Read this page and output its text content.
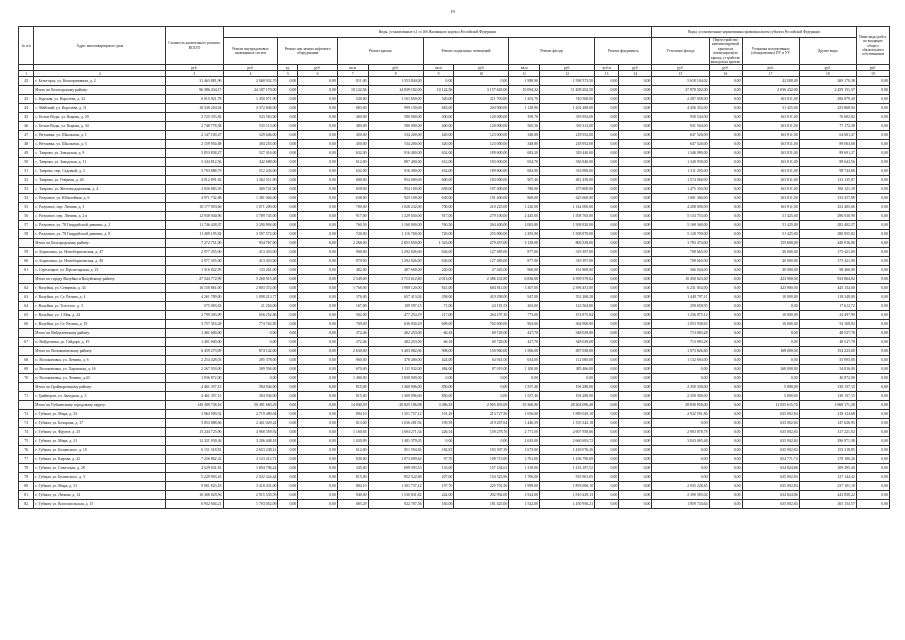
19
№ п/п	Адрес многоквартирного дома	Стоимость капитального ремонта, ВСЕГО	Виды, установленные ч.1 ст.166 Жилищного кодекса Российской Федерации											Виды, установленные нормативным правовым актом субъекта Российской Федерации				Иные виды работ, не входящие общего обязательного собственников
			Ремонт внутридомовых инженерных систем	Ремонт или замена лифтового оборудования		Ремонт крыши		Ремонт подвальных помещений		Ремонт фасада		Ремонт фундамента		Утепление фасада	Переустройство невентилируемой крыши на вентилируемую крышу, устройство выходов на кровлю	Установка коллективных (общедомовых) ПУ и УУ	Другие виды	
		руб.	руб.	ед.	руб.	кв.м	руб.	кв.м	руб.	кв.м	руб.	куб.м	руб.	руб.	руб.	руб.	руб.	руб.
1	2	3	4	5	6	7	8	9	10	11	12	13	14	15	16	17	18	19
42	г. Белогорск, ул. Кооперативная, д. 2	31 463 881,96	2 068 032,70	0,00	0,00	811,00	1 553 844,00	0,00	0,00	1 988,90	1 598 573,50	0,00	0,00	5 618 104,02	0,00	42 008,00	269 170,38	0,00
	Итого по Белогорскому району:	96 386 434,17	24 187 170,00	0,00	0,00	10 122,56	14 839 182,00	10 122,56	3 157 645,00	10 094,32	11 408 202,50	0,00	0,00	37 878 502,00	0,00	2 036 432,00	2 459 151,57	0,00
43	с. Курская, ул. Королёва, д. 32	6 015 921,78	1 450 071,90	0,00	0,00	520,00	1 161 650,00	520,00	211 700,00	1 203,70	740 560,00	0,00	0,00	2 287 058,00	0,00	163 811,00	286 879,30	0,00
44	с. Майский, ул. Королёва, д. 11	10 546 204,94	3 372 846,00	0,00	0,00	683,00	999 150,00	683,00	204 900,00	1 128,90	1 202 488,00	0,00	0,00	4 456 352,00	0,00	51 425,00	255 868,94	0,00
45	с. Белые Воды, ул. Кирова, д. 29	2 725 353,82	523 563,00	0,00	0,00	400,00	580 000,00	400,00	120 000,00	399,76	319 952,00	0,00	0,00	930 544,00	0,00	163 811,00	76 683,82	0,00
46	с. Белые Воды, ул. Кирова, д. 34	2 748 778,38	535 115,00	0,00	0,00	400,00	580 000,00	400,00	120 000,00	565,56	339 312,00	0,00	0,00	931 564,00	0,00	163 811,00	77 172,38	0,00
47	с. Ветлянка, ул. Школьная, д. 1	2 147 100,47	329 646,00	0,00	0,00	450,00	534 200,00	420,00	123 000,00	348,80	218 952,00	0,00	0,00	647 520,00	0,00	163 811,00	64 681,47	0,00
48	с. Ветлянка, ул. Школьная, д. 3	2 159 954,68	384 253,00	0,00	0,00	450,00	534 200,00	420,00	123 000,00	348,80	218 952,00	0,00	0,00	647 520,00	0,00	163 811,00	89 063,68	0,00
49	с. Таврово, ул. Заводская, д. 9	3 853 838,27	527 416,00	0,00	0,00	632,00	916 400,00	632,00	189 600,00	683,20	329 440,00	0,00	0,00	1 346 080,00	0,00	163 811,00	89 691,27	0,00
50	с. Таврово, ул. Заводская, д. 11	3 344 812,56	442 688,00	0,00	0,00	612,00	887 400,00	612,00	183 600,00	654,70	336 940,00	0,00	0,00	1 340 930,00	0,00	163 811,00	89 642,56	0,00
51	с. Таврово, пер. Садовый, д. 2	3 703 888,78	512 243,00	0,00	0,00	632,00	916 400,00	632,00	189 600,00	684,90	316 900,00	0,00	0,00	1 311 205,00	0,00	163 811,00	98 744,86	0,00
52	с. Таврово, ул. Озёрная, д. 26	4 912 891,82	1 362 511,90	0,00	0,00	600,00	854 000,00	600,00	183 000,00	907,40	481 450,00	0,00	0,00	1 574 060,00	0,00	163 811,00	133 135,87	0,00
53	с. Таврово, ул. Железнодорожная, д. 4	3 836 883,39	469 741,00	0,00	0,00	658,00	954 100,00	658,00	197 400,00	780,00	475 800,00	0,00	0,00	1 475 350,00	0,00	163 811,00	100 121,39	0,00
54	с. Разумное, ул. Юбилейная, д. 6	4 971 732,88	1 381 004,00	0,00	0,00	638,00	925 100,00	638,00	191 400,00	869,00	625 600,00	0,00	0,00	1 681 360,00	0,00	163 811,00	133 357,88	0,00
55	с. Разумное, пер. Ленина, д. 3	10 177 903,66	1 071 200,00	0,00	0,00	700,00	1 026 232,00	700,00	210 225,00	1 220,00	1 144 000,00	0,00	0,00	4 208 000,00	0,00	163 811,00	252 405,66	0,00
56	с. Разумное, пер. Ленина, д. 2 в	12 938 940,96	3 789 745,00	0,00	0,00	917,00	1 329 650,00	917,00	279 100,00	2 445,00	1 508 765,00	0,00	0,00	5 133 753,00	0,00	51 425,00	296 030,99	0,00
57	с. Разумное, ул. 78 Гвардейской дивизии, д. 2	11 746 428,37	3 290 894,00	0,00	0,00	760,50	1 160 000,00	760,50	264 400,00	2 065,80	1 508 820,00	0,00	0,00	5 168 360,00	0,00	51 425,00	282 402,37	0,00
58	с. Разумное, ул. 78 Гвардейской дивизии, д. 8	11 409 195,82	3 597 572,00	0,00	0,00	720,00	1 116 700,00	720,00	255 800,00	2 293,90	1 508 870,00	0,00	0,00	5 128 700,00	0,00	51 425,00	280 055,82	0,00
	Итого по Белгородскому району:	7 272 751,00	954 767,00	0,00	0,00	2 268,00	2 851 650,00	1 523,00	279 457,00	3 129,00	806 539,00	0,00	0,00	1 783 374,00	0,00	155 600,00	449 916,00	0,00
59	п. Борисовка, ул. Новоборисовская, д. 47	2 977 455,00	413 453,00	0,00	0,00	900,00	1 292 026,00	636,00	127 485,00	877,00	319 397,00	0,00	0,00	708 665,00	0,00	40 000,00	175 421,00	0,00
60	п. Борисовка, ул. Новоборисовская, д. 49	2 977 455,00	413 453,00	0,00	0,00	979,00	1 292 026,00	636,00	127 485,00	877,00	319 397,00	0,00	0,00	708 665,00	0,00	40 000,00	175 421,00	0,00
61	с. Стрелецкое, ул. Пролетарская, д. 23	1 316 822,95	133 261,00	0,00	0,00	482,00	497 600,00	240,00	27 445,00	960,00	161 800,00	0,00	0,00	366 044,00	0,00	40 000,00	98 466,00	0,00
	Итого по городу Валуйки и Валуйскому району:	27 544 772,99	5 260 915,48	0,00	0,00	2 549,00	3 713 612,80	2 013,00	2 386 231,80	6 836,00	4 399 579,62	0,00	0,00	10 450 623,40	0,00	423 900,00	933 864,82	0,00
62	г. Валуйки, ул. Северная, д. 34	16 150 861,00	2 803 372,00	0,00	0,00	1 768,00	1 989 120,00	841,00	684 811,00	3 307,00	2 396 451,00	0,00	0,00	6 231 054,00	0,00	423 900,00	445 154,00	0,00
63	г. Валуйки, ул. Ст. Разина, д. 4	4 261 789,00	1 008 213,77	0,00	0,00	376,00	657 413,04	358,00	419 298,00	947,00	551 268,28	0,00	0,00	1 449 797,11	0,00	10 000,00	118 248,00	0,00
64	г. Валуйки, ул. Толстого, д. 3	575 003,63	21 254,00	0,00	0,00	167,00	109 597,15	71,00	24 181,53	263,00	122 564,80	0,00	0,00	258 658,95	0,00	0,00	17 612,72	0,00
65	г. Валуйки, ул. 1 Мая, д. 24	2 799 303,09	656 252,86	0,00	0,00	502,00	477 254,19	217,00	264 197,30	773,00	474 875,84	0,00	0,00	1 256 875,12	0,00	10 000,00	24 497,99	0,00
66	г. Валуйки, ул. Ст. Разина, д. 19	3 757 316,28	774 762,85	0,00	0,00	769,00	636 830,29	609,00	702 600,00	963,00	364 900,00	0,00	0,00	1 053 938,65	0,00	10 000,00	54 168,82	0,00
	Итого по Вейделевскому району:	1 401 600,00	0,00	0,00	0,00	372,46	402 253,00	66,18	69 728,00	427,70	348 029,00	0,00	0,00	713 083,28	0,00	0,00	48 527,78	0,00
67	п. Вейделевка, ул. Гайдара, д. 19	1 401 600,00	0,00	0,00	0,00	372,46	402 253,00	66,18	69 728,00	427,70	348 029,00	0,00	0,00	713 083,28	0,00	0,00	48 527,78	0,00
	Итого по Волоконовскому району:	6 459 273,09	874 142,00	0,00	0,00	2 630,00	3 403 082,06	908,00	150 960,00	1 566,00	497 038,00	0,00	0,00	1 073 826,60	0,00	168 000,00	154 223,00	0,00
68	п. Волоконовка, ул. Ленина, д. 6	2 254 428,03	285 378,00	0,00	0,00	960,00	478 400,00	424,00	64 941,00	654,00	112 000,00	0,00	0,00	1 132 694,00	0,00	0,00	55 095,00	0,00
69	п. Волоконовка, ул. Харовская, д. 16	2 267 933,00	309 594,00	0,00	0,00	670,00	1 111 932,00	484,00	87 019,00	1 100,00	385 466,00	0,00	0,00	0,00	0,00	168 000,00	54 816,00	0,00
70	п. Волоконовка, ул. Ленина, д.20	1 936 872,00	0,00	0,00	0,00	1 400,00	1 830 000,00	0,00	0,00	0,00	0,00	0,00	0,00	0,00	0,00	0,00	46 872,00	0,00
	Итого по Грайворонскому району:	4 461 357,15	584 944,00	0,00	0,00	815,00	1 360 096,00	850,00	0,00	1 557,40	194 280,00	0,00	0,00	2 350 330,00	0,00	5 000,00	130 137,15	0,00
71	г. Грайворон, ул. Западная, д. 3	4 461 357,15	584 944,00	0,00	0,00	815,00	1 360 096,00	850,00	0,00	1 557,40	194 280,00	0,00	0,00	2 350 300,00	0,00	5 000,00	130 137,15	0,00
	Итого по Губкинскому городскому округу:	149 389 738,16	50 481 683,29	0,00	0,00	14 840,59	20 825 196,98	3 386,35	2 905 491,69	35 360,90	28 204 096,48	0,00	0,00	38 830 850,00	0,00	11 035 615,70	3 968 171,28	0,00
72	г. Губкин, ул. Мира, д. 23	3 964 509,32	2 719 480,04	0,00	0,00	894,10	1 351 757,12	191,29	213 727,56	1 056,00	1 889 029,10	0,00	0,00	2 932 591,86	0,00	635 002,84	218 124,68	0,00
73	г. Губкин, ул. Бочарова, д. 17	5 853 888,06	2 461 029,24	0,00	0,00	813,00	1 036 281,92	199,59	219 207,64	1 446,59	1 355 342,18	0,00	0,00	0,00	0,00	635 002,84	147 626,95	0,00
74	г. Губкин, ул. Фрунзе, д. 25	15 244 725,90	4 968 359,92	0,00	0,00	1 160,65	1 694 271,34	226,54	159 278,76	2 771,50	2 607 958,66	0,00	0,00	2 903 878,78	0,00	635 002,84	317 221,02	0,00
75	г. Губкин, ул. Мира, д. 21	12 321 930,36	3 206 448,18	0,00	0,00	1 020,09	1 481 379,05	0,00	0,00	2 635,00	2 660 693,72	0,00	0,00	3 843 065,48	0,00	635 002,84	296 971,38	0,00
76	г. Губкин, ул. Белинского, д. 10	6 151 318,81	2 653 238,12	0,00	0,00	612,00	951 594,84	182,81	183 307,39	1 673,00	1 439 076,26	0,00	0,00	0,00	0,00	635 002,84	153 218,85	0,00
77	г. Губкин, ул. Кирова, д. 32	7 256 862,32	3 123 312,72	0,00	0,00	830,00	1 073 009,64	97,70	108 715,00	1 761,00	1 436 790,69	0,00	0,00	0,00	0,00	654 771,74	178 180,26	0,00
78	г. Губкин, ул. Советская, д. 28	4 529 031,81	1 694 796,24	0,00	0,00	345,00	699 393,53	133,00	157 234,61	1 318,00	1 233 187,52	0,00	0,00	0,00	0,00	634 824,86	109 395,40	0,00
79	г. Губкин, ул. Белинского, д. 3	5 229 903,43	2 032 324,44	0,00	0,00	815,00	852 522,88	207,00	154 323,96	1 706,00	935 961,05	0,00	0,00	0,00	0,00	635 002,84	127 144,42	0,00
80	г. Губкин, ул. Мира, д. 31	9 901 823,18	3 418 431,00	0,00	0,00	884,10	1 301 737,12	197,70	225 701,56	1 999,00	1 893 006,10	0,00	0,00	2 935 228,45	0,00	635 002,84	237 101,18	0,00
81	г. Губкин, ул. Ленина, д. 14	10 366 829,56	2 915 535,59	0,00	0,00	940,00	1 530 831,82	242,00	292 992,00	1 924,00	1 810 229,13	0,00	0,00	2 390 585,04	0,00	634 824,86	243 830,22	0,00
82	г. Губкин, ул. Комсомольская, д. 15	6 932 604,21	1 703 052,09	0,00	0,00	685,29	922 787,56	165,00	181 425,00	1 542,00	1 450 956,21	0,00	0,00	1 859 734,64	0,00	635 002,84	165 154,57	0,00
